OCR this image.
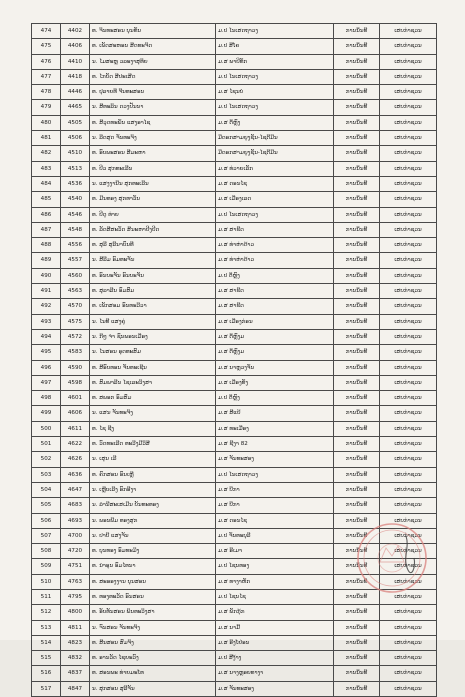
474	4402	ທ. ຈິນທະສອນ ບຸນທັນ	ມ.ປ ໄນເສດຖາວງ	ການນຶນທີ	ເສບກ່າຊວນ
475	4406	ທ. ເພັດສະຫອນ ສີດທະຈິດ	ມ.ປ ສີໂຄ	ການນຶນທີ	ເສບກ່າຊວນ
476	4410	ນ. ໄມສະຫຼ ວລະງາສຸທິຍ	ມ.ສ ພາປີທັກ	ການນຶນທີ	ເສບກ່າຊວນ
477	4418	ທ. ໄກບັດ ສີປະເສີດ	ມ.ປ ໄນເສດຖາວງ	ການນຶນທີ	ເສບກ່າຊວນ
478	4446	ທ. ປຸລາຍທີ ຈີນທະສອນ	ມ.ສ ໄຊນບໍ	ການນຶນທີ	ເສບກ່າຊວນ
479	4465	ນ. ສີທະລິນ ດວງປັນນາ	ມ.ປ ໄນເສດຖາວງ	ການນຶນທີ	ເສບກ່າຊວນ
480	4505	ທ. ສີວຸດທະພັນ ແສງອາໄຊ	ມ.ສ ຕຶຫຼົງ	ການນຶນທີ	ເສບກ່າຊວນ
481	4506	ນ. ລີດສຸດ ຈັນທະຈິງ	ມີດອກສາມຍູງຊັນ-ໄຊຕີມີນ	ການນຶນທີ	ເສບກ່າຊວນ
482	4510	ທ. ອົບພະສອນ ສີມະຫາ	ມີດອກສາມຍູງຊັນ-ໄຊຕີມີນ	ການນຶນທີ	ເສບກ່າຊວນ
483	4513	ທ. ປີວ ສຸກທະເລີນ	ມ.ສ ທ່ວາຍເລັກ	ການນຶນທີ	ເສບກ່າຊວນ
484	4536	ນ. ແສງງານີນ ສຸກທະເລີນ	ມ.ສ ດອນໄຊ	ການນຶນທີ	ເສບກ່າຊວນ
485	4540	ທ. ມີນທອງ ສຸກທາວັນ	ມ.ສ ເມືອງເລດ	ການນຶນທີ	ເສບກ່າຊວນ
486	4546	ທ. ປີດູ ທ່າຍ	ມ.ປ ໄນເສດຖາວງ	ການນຶນທີ	ເສບກ່າຊວນ
487	4548	ທ. ລັດສີສະວັດ ສີນະຫາປີງປີດ	ມ.ສ ສາຂີດ	ການນຶນທີ	ເສບກ່າຊວນ
488	4556	ທ. ສຸລີ ສຸລີນາບົນທີ	ມ.ສ ທ່າຫ່າດ້າວ	ການນຶນທີ	ເສບກ່າຊວນ
489	4557	ນ. ສີລີມ ອົມທະຈັນ	ມ.ສ ທ່າຫ່າດ້າວ	ການນຶນທີ	ເສບກ່າຊວນ
490	4560	ທ. ອົນບະຈັນ ອົນບະຈັນ	ມ.ປ ຕຶຫຼົງ	ການນຶນທີ	ເສບກ່າຊວນ
491	4563	ທ. ສຸລາລີນ ອົມສົມ	ມ.ສ ສາຂີດ	ການນຶນທີ	ເສບກ່າຊວນ
492	4570	ທ. ເພັກສອມ ອົນທະວີວາ	ມ.ສ ສາຂີດ	ການນຶນທີ	ເສບກ່າຊວນ
493	4575	ນ. ໄນທີ ແສງຄູ່	ມ.ສ ເມືອງກ່ອນ	ການນຶນທີ	ເສບກ່າຊວນ
494	4572	ນ. ກີໆ ຈຳ ຊົນພອນເມືອງ	ມ.ສ ຕຶຫຼົງມ	ການນຶນທີ	ເສບກ່າຊວນ
495	4583	ນ. ໄນສອນ ອຸດທະສົມ	ມ.ສ ຕຶຫຼົງມ	ການນຶນທີ	ເສບກ່າຊວນ
496	4590	ທ. ສີອົບທອນ ຈັນທະເຊີນ	ມ.ສ ນາຫຼວງຈັນ	ການນຶນທີ	ເສບກ່າຊວນ
497	4598	ທ. ສົມພາລີນ ໄຊເລະວິງສາ	ມ.ສ ເມືອງທັງ	ການນຶນທີ	ເສບກ່າຊວນ
498	4601	ທ. ສພອກ ອົມສົມ	ມ.ປ ຕຶຫຼົງ	ການນຶນທີ	ເສບກ່າຊວນ
499	4606	ນ. ແສນ ຈັນທະຈິງ	ມ.ສ ສີແປ້	ການນຶນທີ	ເສບກ່າຊວນ
500	4611	ທ. ໄຊ ຊີງ	ມ.ສ ທະເມືອງ	ການນຶນທີ	ເສບກ່າຊວນ
501	4622	ທ. ວົດທະເລີດ ທະວີງມີວິສີ	ມ.ສ ຊີງາ 82	ການນຶນທີ	ເສບກ່າຊວນ
502	4626	ນ. ເສຸນ ເລີ	ມ.ສ ຈັນທະສອງ	ການນຶນທີ	ເສບກ່າຊວນ
503	4636	ທ. ຄົກສອນ ອົນເຫຼີ	ມ.ປ ໄນເສດຖາວງ	ການນຶນທີ	ເສບກ່າຊວນ
504	4647	ນ. ເຫຼີບເລີງ ອົກອີງາ	ມ.ສ ບີກາ	ການນຶນທີ	ເສບກ່າຊວນ
505	4683	ນ. ລຳນີສະເສເມີນ ບັນທະທອງ	ມ.ສ ບີກາ	ການນຶນທີ	ເສບກ່າຊວນ
506	4693	ນ. ພອນພີມ ທອງສູກ	ມ.ສ ດອນໄຊ	ການນຶນທີ	ເສບກ່າຊວນ
507	4700	ນ. ປາບີ ແສງຈັນ	ມ.ປ ຈັນທະບຸລີ	ການນຶນທີ	ເສບກ່າຊວນ
508	4720	ທ. ບຸນທອງ ອົມທະມິງ	ມ.ສ ອີເມາ	ການນຶນທີ	ເສບກ່າຊວນ
509	4751	ທ. ນຳອຸນ ອົມໄທນາ	ມ.ປ ໄຊນທອງ	ການນຶນທີ	ເສບກ່າຊວນ
510	4763	ທ. ສະອອງງານ ບຸນສອນ	ມ.ສ ທາງາຫັກ	ການນຶນທີ	ເສບກ່າຊວນ
511	4795	ທ. ທອງທະວັດ ອົນສອນ	ມ.ປ ໄຊນໄຊ	ການນຶນທີ	ເສບກ່າຊວນ
512	4800	ທ. ອັບທັນສອນ ພິນທະວິງສາ	ມ.ສ ພັກກຸ້ກ	ການນຶນທີ	ເສບກ່າຊວນ
513	4811	ນ. ຈົນສອນ ຈັນທະຈິງ	ມ.ສ ນາມີ້	ການນຶນທີ	ເສບກ່າຊວນ
514	4823	ທ. ສີນສອນ ສົມຈິງ	ມ.ສ ອີງໂຢ່ອນ	ການນຶນທີ	ເສບກ່າຊວນ
515	4832	ທ. ອານວັດ ໄຊຍະວົງ	ມ.ປ ສີງ້າງ	ການນຶນທີ	ເສບກ່າຊວນ
516	4837	ທ. ສອນພະ ທ່າຍມະໂທ	ມ.ສ ນາງຫຼອຍທາງາ	ການນຶນທີ	ເສບກ່າຊວນ
517	4847	ນ. ສຸກສອນ ສຸລີຈັນ	ມ.ສ ຈັນທະສອງ	ການນຶນທີ	ເສບກ່າຊວນ
